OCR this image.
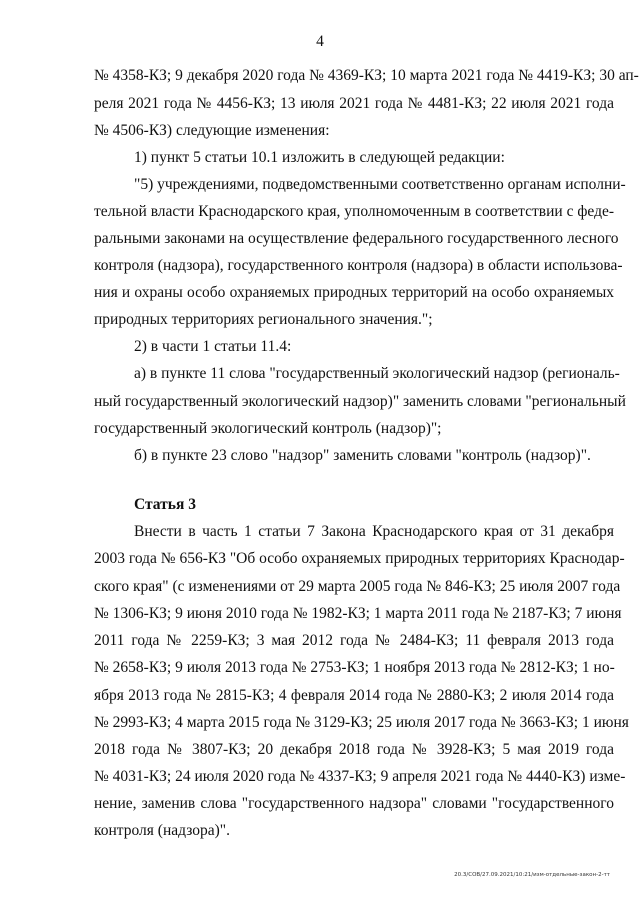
4
№ 4358-КЗ; 9 декабря 2020 года № 4369-КЗ; 10 марта 2021 года № 4419-КЗ; 30 ап-
реля 2021 года № 4456-КЗ; 13 июля 2021 года № 4481-КЗ; 22 июля 2021 года
№ 4506-КЗ) следующие изменения:
1) пункт 5 статьи 10.1 изложить в следующей редакции:
"5) учреждениями, подведомственными соответственно органам исполни-
тельной власти Краснодарского края, уполномоченным в соответствии с феде-
ральными законами на осуществление федерального государственного лесного
контроля (надзора), государственного контроля (надзора) в области использова-
ния и охраны особо охраняемых природных территорий на особо охраняемых
природных территориях регионального значения.";
2) в части 1 статьи 11.4:
а) в пункте 11 слова "государственный экологический надзор (региональ-
ный государственный экологический надзор)" заменить словами "региональный
государственный экологический контроль (надзор)";
б) в пункте 23 слово "надзор" заменить словами "контроль (надзор)".
Статья 3
Внести в часть 1 статьи 7 Закона Краснодарского края от 31 декабря
2003 года № 656-КЗ "Об особо охраняемых природных территориях Краснодар-
ского края" (с изменениями от 29 марта 2005 года № 846-КЗ; 25 июля 2007 года
№ 1306-КЗ; 9 июня 2010 года № 1982-КЗ; 1 марта 2011 года № 2187-КЗ; 7 июня
2011 года № 2259-КЗ; 3 мая 2012 года № 2484-КЗ; 11 февраля 2013 года
№ 2658-КЗ; 9 июля 2013 года № 2753-КЗ; 1 ноября 2013 года № 2812-КЗ; 1 но-
ября 2013 года № 2815-КЗ; 4 февраля 2014 года № 2880-КЗ; 2 июля 2014 года
№ 2993-КЗ; 4 марта 2015 года № 3129-КЗ; 25 июля 2017 года № 3663-КЗ; 1 июня
2018 года № 3807-КЗ; 20 декабря 2018 года № 3928-КЗ; 5 мая 2019 года
№ 4031-КЗ; 24 июля 2020 года № 4337-КЗ; 9 апреля 2021 года № 4440-КЗ) изме-
нение, заменив слова "государственного надзора" словами "государственного
контроля (надзора)".
20.3/СОВ/27.09.2021/10:21/изм-отдельные-закон-2-тт
